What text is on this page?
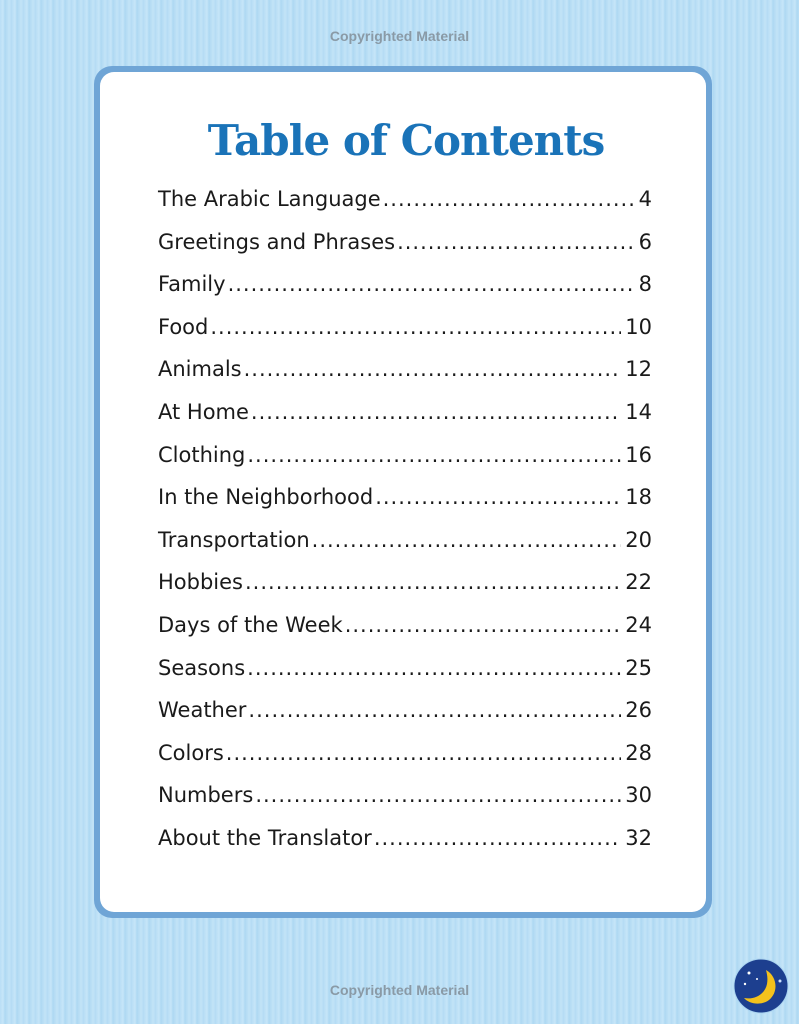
Copyrighted Material
Table of Contents
The Arabic Language .....	4
Greetings and Phrases .....	6
Family .....	8
Food .....	10
Animals .....	12
At Home .....	14
Clothing .....	16
In the Neighborhood .....	18
Transportation .....	20
Hobbies .....	22
Days of the Week .....	24
Seasons .....	25
Weather .....	26
Colors .....	28
Numbers .....	30
About the Translator .....	32
Copyrighted Material
